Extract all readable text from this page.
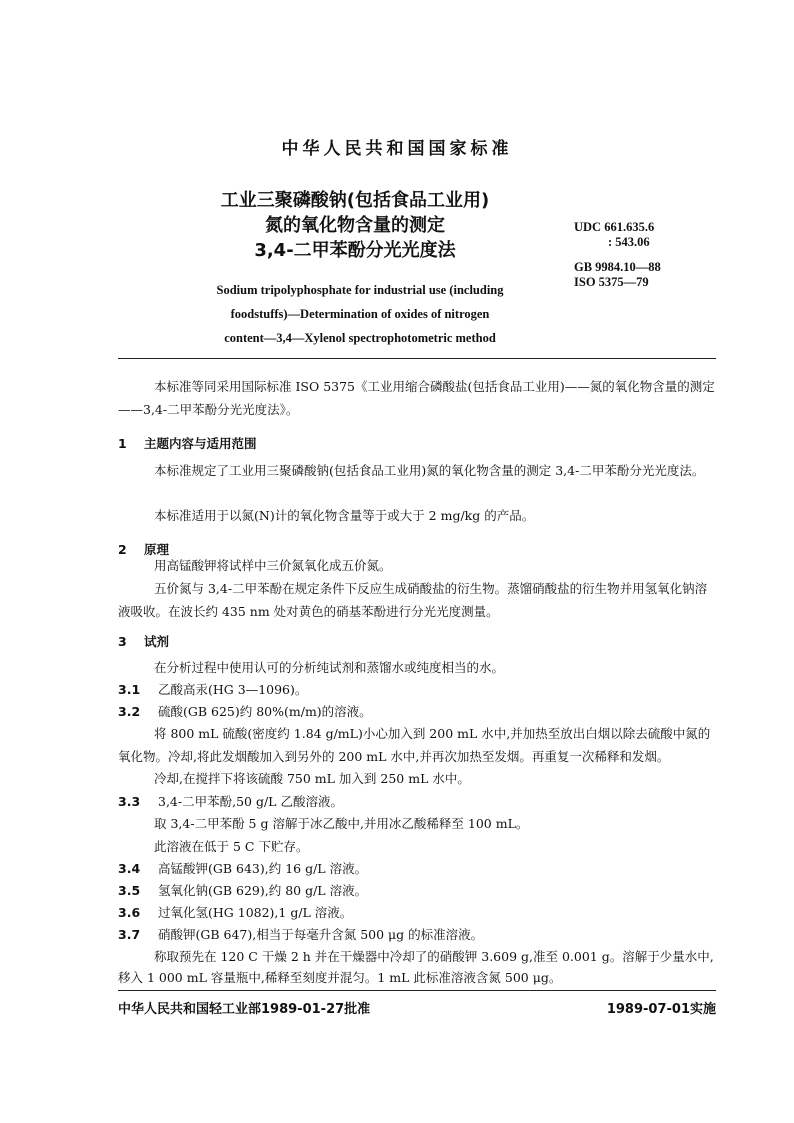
中华人民共和国国家标准
工业三聚磷酸钠(包括食品工业用)
氮的氧化物含量的测定
3,4-二甲苯酚分光光度法
UDC 661.635.6
: 543.06
GB 9984.10—88
ISO 5375—79
Sodium tripolyphosphate for industrial use (including
foodstuffs)—Determination of oxides of nitrogen
content—3,4—Xylenol spectrophotometric method
本标准等同采用国际标准 ISO 5375《工业用缩合磷酸盐(包括食品工业用)——氮的氧化物含量的测定——3,4-二甲苯酚分光光度法》。
1 主题内容与适用范围
本标准规定了工业用三聚磷酸钠(包括食品工业用)氮的氧化物含量的测定 3,4-二甲苯酚分光光度法。
本标准适用于以氮(N)计的氧化物含量等于或大于 2 mg/kg 的产品。
2 原理
用高锰酸钾将试样中三价氮氧化成五价氮。
五价氮与 3,4-二甲苯酚在规定条件下反应生成硝酸盐的衍生物。蒸馏硝酸盐的衍生物并用氢氧化钠溶液吸收。在波长约 435 nm 处对黄色的硝基苯酚进行分光光度测量。
3 试剂
在分析过程中使用认可的分析纯试剂和蒸馏水或纯度相当的水。
3.1 乙酸高汞(HG 3—1096)。
3.2 硫酸(GB 625)约 80%(m/m)的溶液。
将 800 mL 硫酸(密度约 1.84 g/mL)小心加入到 200 mL 水中,并加热至放出白烟以除去硫酸中氮的氧化物。冷却,将此发烟酸加入到另外的 200 mL 水中,并再次加热至发烟。再重复一次稀释和发烟。
冷却,在搅拌下将该硫酸 750 mL 加入到 250 mL 水中。
3.3 3,4-二甲苯酚,50 g/L 乙酸溶液。
取 3,4-二甲苯酚 5 g 溶解于冰乙酸中,并用冰乙酸稀释至 100 mL。
此溶液在低于 5 C 下贮存。
3.4 高锰酸钾(GB 643),约 16 g/L 溶液。
3.5 氢氧化钠(GB 629),约 80 g/L 溶液。
3.6 过氧化氢(HG 1082),1 g/L 溶液。
3.7 硝酸钾(GB 647),相当于每毫升含氮 500 μg 的标准溶液。
称取预先在 120 C 干燥 2 h 并在干燥器中冷却了的硝酸钾 3.609 g,准至 0.001 g。溶解于少量水中,移入 1 000 mL 容量瓶中,稀释至刻度并混匀。1 mL 此标准溶液含氮 500 μg。
中华人民共和国轻工业部1989-01-27批准	1989-07-01实施
